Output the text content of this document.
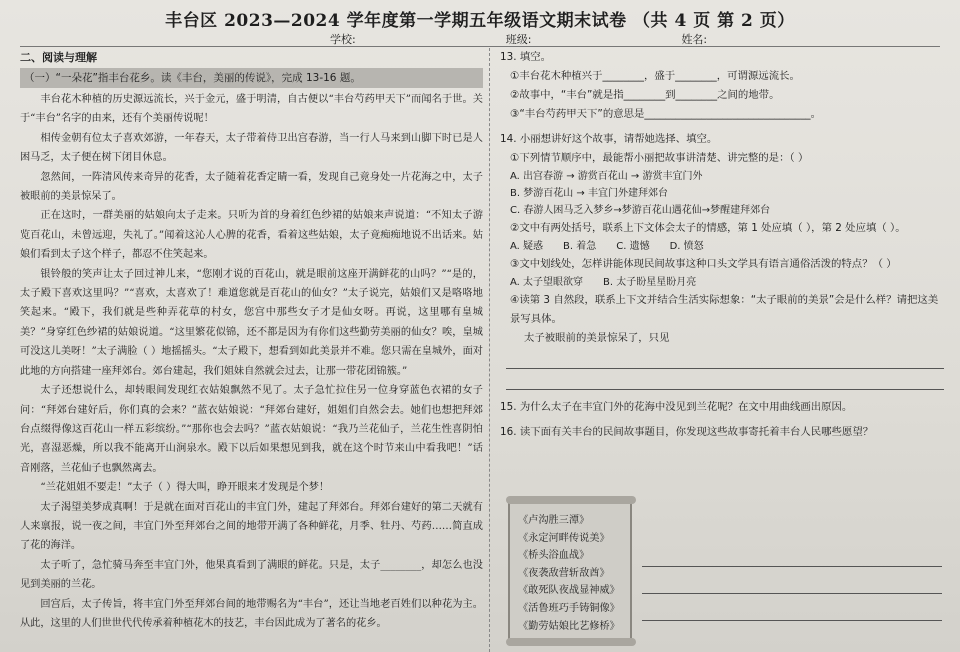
丰台区 2023—2024 学年度第一学期五年级语文期末试卷 （共 4 页 第 2 页）
学校:	班级:	姓名:
二、阅读与理解
（一）“一朵花”指丰台花乡。读《丰台，美丽的传说》，完成 13-16 题。

丰台花木种植的历史源远流长，兴于金元，盛于明清，自古便以“丰台芍药甲天下”而闻名于世。关于“丰台”名字的由来，还有个美丽传说呢！

相传金朝有位太子喜欢郊游，一年春天，太子带着侍卫出宫春游，当一行人马来到山脚下时已是人困马乏，太子便在树下闭目休息。

忽然间，一阵清风传来奇异的花香，太子随着花香定睛一看，发现自己竟身处一片花海之中，太子被眼前的美景惊呆了。

正在这时，一群美丽的姑娘向太子走来。只听为首的身着红色纱裙的姑娘来声说道：“不知太子游览百花山，未曾远迎，失礼了。”闻着这沁人心脾的花香，看着这些姑娘，太子竟痴痴地说不出话来。姑娘们看到太子这个样子，都忍不住笑起来。

银铃般的笑声让太子回过神儿来，“您刚才说的百花山，就是眼前这座开满鲜花的山吗？”“是的，太子殿下喜欢这里吗？”“喜欢，太喜欢了！难道您就是百花山的仙女？”太子说完，姑娘们又是咯咯地笑起来。“殿下，我们就是些种弄花草的村女，您宫中那些女子才是仙女呀。再说，这里哪有皇城美？”身穿红色纱裙的姑娘说道。“这里繁花似锦，还不都是因为有你们这些勤劳美丽的仙女？唉，皇城可没这儿美呀！”太子满脸（ ）地摇摇头。“太子殿下，想看到如此美景并不难。您只需在皇城外，面对此地的方向搭建一座拜郊台。郊台建起，我们姐妹自然就会过去，让那一带花团锦簇。”

太子还想说什么，却转眼间发现红衣姑娘飘然不见了。太子急忙拉住另一位身穿蓝色衣裙的女子问：“拜郊台建好后，你们真的会来？”蓝衣姑娘说：“拜郊台建好，姐姐们自然会去。她们也想把拜郊台点缀得像这百花山一样五彩缤纷。”“那你也会去吗？”蓝衣姑娘说：“我乃兰花仙子，兰花生性喜阴怕光，喜湿恶燥，所以我不能离开山涧泉水。殿下以后如果想见到我，就在这个时节来山中看我吧！”话音刚落，兰花仙子也飘然离去。

“兰花姐姐不要走！”太子（ ）得大叫，睁开眼来才发现是个梦！

太子渴望美梦成真啊！于是就在面对百花山的丰宜门外，建起了拜郊台。拜郊台建好的第二天就有人来禀报，说一夜之间，丰宜门外至拜郊台之间的地带开满了各种鲜花，月季、牡丹、芍药……简直成了花的海洋。

太子听了，急忙骑马奔至丰宜门外，他果真看到了满眼的鲜花。只是，太子________，却怎么也没见到美丽的兰花。

回宫后，太子传旨，将丰宜门外至拜郊台间的地带赐名为“丰台”，还让当地老百姓们以种花为主。从此，这里的人们世世代代传承着种植花木的技艺，丰台因此成为了著名的花乡。

13. 填空。

①丰台花木种植兴于________，盛于________，可谓源远流长。

②故事中，“丰台”就是指________到________之间的地带。

③“丰台芍药甲天下”的意思是________________________________。

14. 小丽想讲好这个故事，请帮她选择、填空。

①下列情节顺序中，最能帮小丽把故事讲清楚、讲完整的是：（ ）

A. 出宫春游 → 游赏百花山 → 游赏丰宜门外

B. 梦游百花山 → 丰宜门外建拜郊台

C. 春游人困马乏入梦乡→梦游百花山遇花仙→梦醒建拜郊台

②文中有两处括号，联系上下文体会太子的情感，第 1 处应填（ ），第 2 处应填（ ）。

A. 疑惑　　B. 着急　　C. 遗憾　　D. 愤怒

③文中划线处，怎样讲能体现民间故事这种口头文学具有语言通俗活泼的特点？（ ）

A. 太子望眼欲穿　　B. 太子盼星星盼月亮

④读第 3 自然段，联系上下文并结合生活实际想象：“太子眼前的美景”会是什么样？请把这美景写具体。

太子被眼前的美景惊呆了，只见

15. 为什么太子在丰宜门外的花海中没见到兰花呢？在文中用曲线画出原因。

16. 读下面有关丰台的民间故事题目，你发现这些故事寄托着丰台人民哪些愿望？

《卢沟胜三潭》
《永定河畔传说美》
《桥头浴血战》
《夜袭敌营斩敌酋》
《敢死队夜战显神威》
《活鲁班巧手铸铜像》
《勤劳姑娘比艺修桥》
